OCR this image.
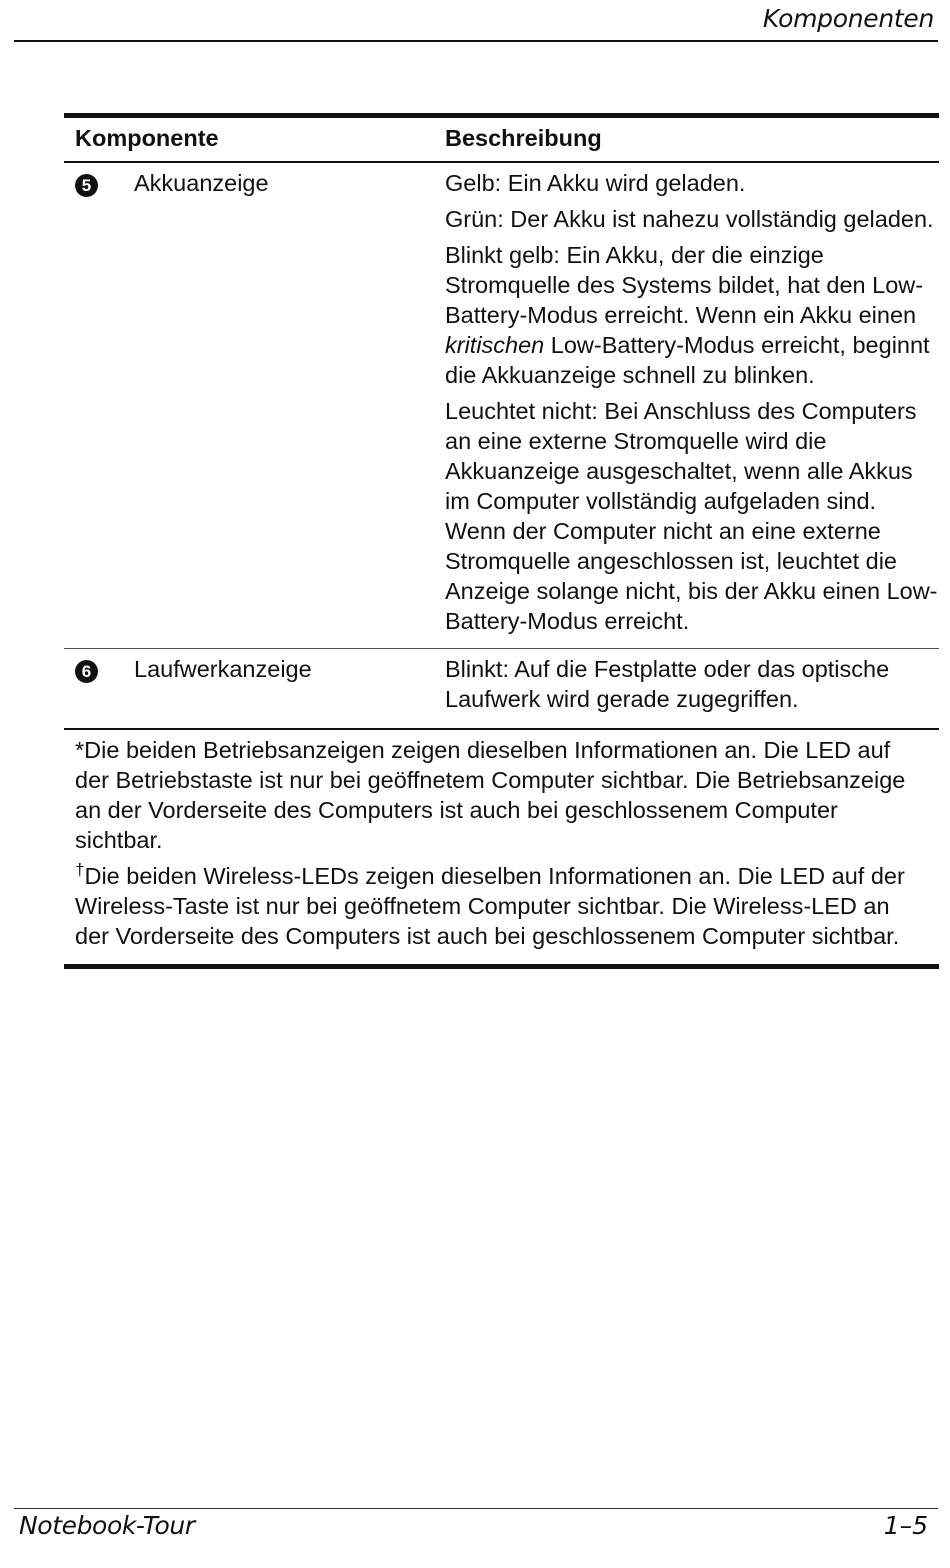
Komponenten
Komponente		Beschreibung
5	Akkuanzeige	Gelb: Ein Akku wird geladen.

Grün: Der Akku ist nahezu vollständig geladen.

Blinkt gelb: Ein Akku, der die einzige Stromquelle des Systems bildet, hat den Low-Battery-Modus erreicht. Wenn ein Akku einen kritischen Low-Battery-Modus erreicht, beginnt die Akkuanzeige schnell zu blinken.

Leuchtet nicht: Bei Anschluss des Computers an eine externe Stromquelle wird die Akkuanzeige ausgeschaltet, wenn alle Akkus im Computer vollständig aufgeladen sind. Wenn der Computer nicht an eine externe Stromquelle angeschlossen ist, leuchtet die Anzeige solange nicht, bis der Akku einen Low-Battery-Modus erreicht.

6	Laufwerkanzeige	Blinkt: Auf die Festplatte oder das optische Laufwerk wird gerade zugegriffen.

*Die beiden Betriebsanzeigen zeigen dieselben Informationen an. Die LED auf der Betriebstaste ist nur bei geöffnetem Computer sichtbar. Die Betriebsanzeige an der Vorderseite des Computers ist auch bei geschlossenem Computer sichtbar.

†Die beiden Wireless-LEDs zeigen dieselben Informationen an. Die LED auf der Wireless-Taste ist nur bei geöffnetem Computer sichtbar. Die Wireless-LED an der Vorderseite des Computers ist auch bei geschlossenem Computer sichtbar.		

Notebook-Tour	1–5
